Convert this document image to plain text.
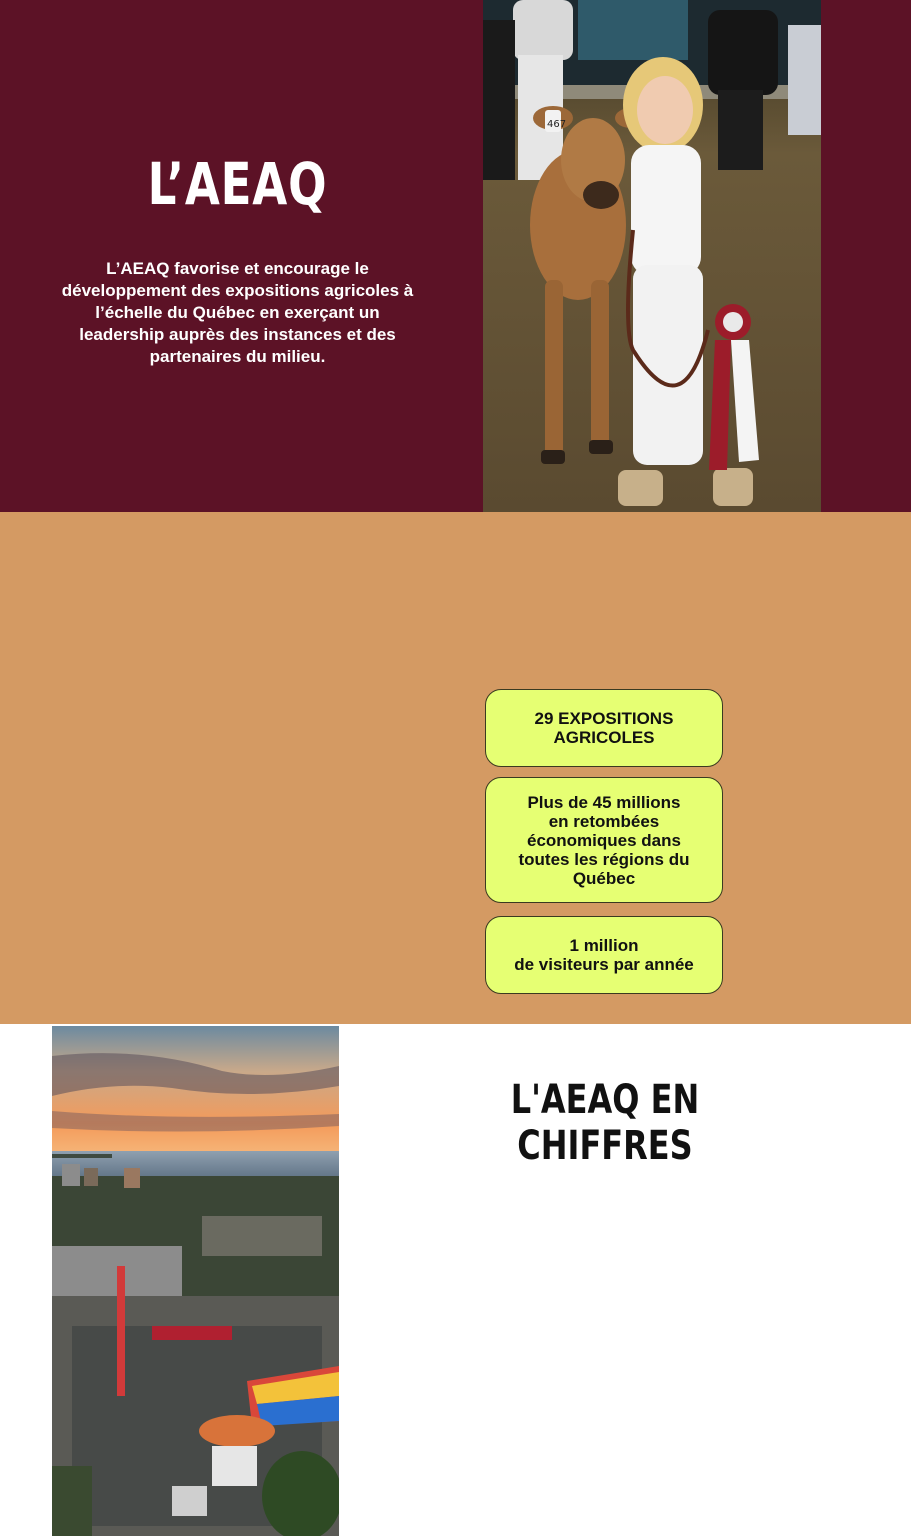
L’AEAQ
L’AEAQ favorise et encourage le développement des expositions agricoles à l’échelle du Québec en exerçant un leadership auprès des instances et des partenaires du milieu.
467
L'AEAQ EN CHIFFRES
29 EXPOSITIONS
AGRICOLES
Plus de 45 millions
en retombées
économiques dans
toutes les régions du
Québec
1 million
de visiteurs par année
